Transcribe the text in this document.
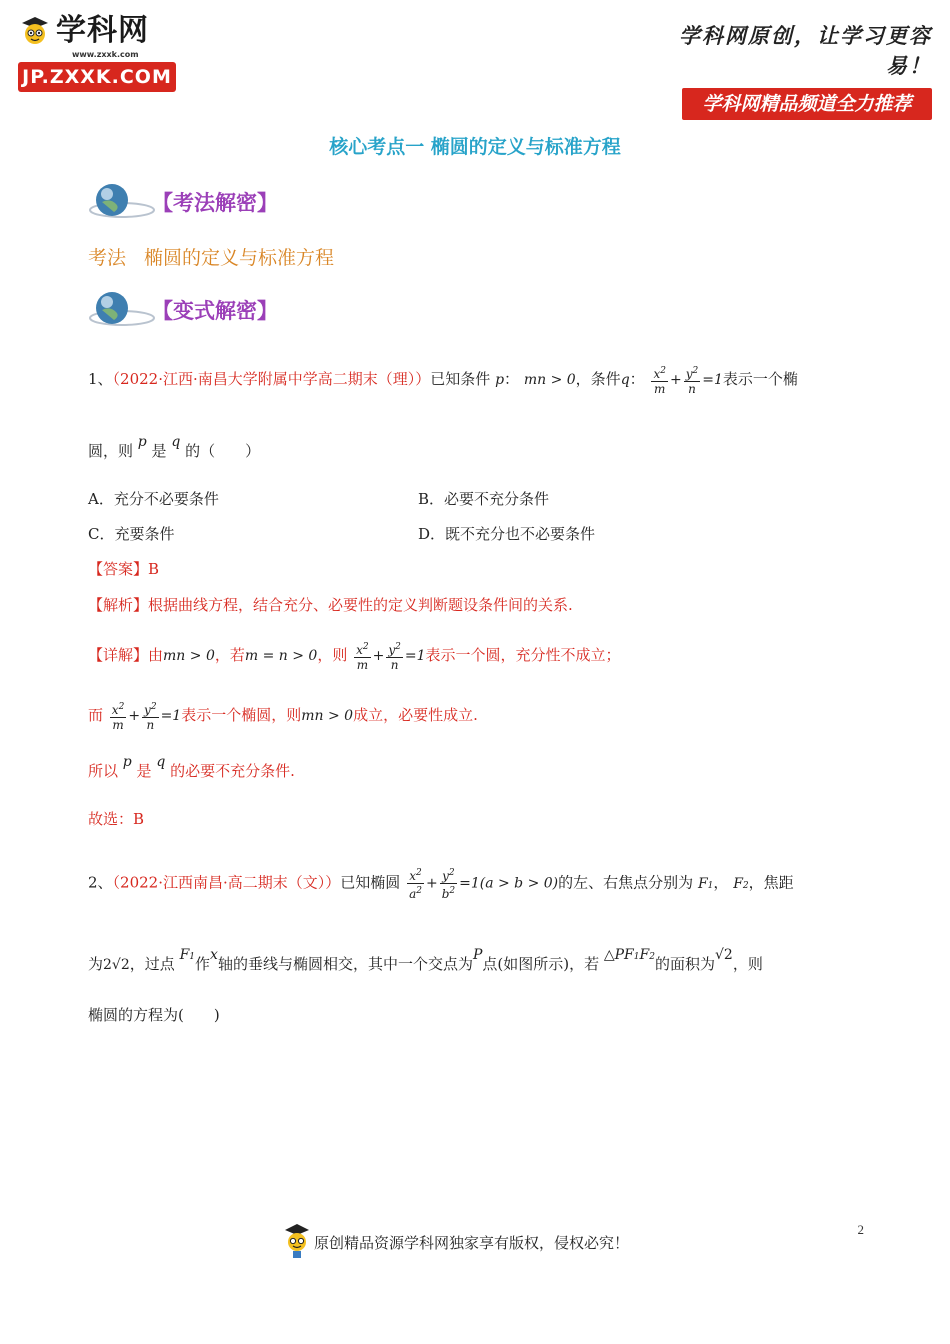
学科网
www.zxxk.com
JP.ZXXK.COM
学科网原创，让学习更容易！
学科网精品频道全力推荐
核心考点一 椭圆的定义与标准方程
【考法解密】
考法 椭圆的定义与标准方程
【变式解密】
1、（2022·江西·南昌大学附属中学高二期末（理））已知条件 p： mn > 0，条件q： $\frac{x^2}{m} + \frac{y^2}{n} =1$表示一个椭
圆，则 p 是 q 的（　　）
A．充分不必要条件	B．必要不充分条件
C．充要条件	D．既不充分也不必要条件
【答案】B
【解析】根据曲线方程，结合充分、必要性的定义判断题设条件间的关系.
【详解】由mn > 0，若m = n > 0，则 $\frac{x^2}{m} + \frac{y^2}{n} =1$表示一个圆，充分性不成立；
而 $\frac{x^2}{m} + \frac{y^2}{n} =1$表示一个椭圆，则mn > 0成立，必要性成立.
所以 p 是 q 的必要不充分条件.
故选：B
2、（2022·江西南昌·高二期末（文））已知椭圆 $\frac{x^2}{a^2} + \frac{y^2}{b^2} =1(a > b > 0)$的左、右焦点分别为 F1， F2，焦距
为2√2，过点 F1作x轴的垂线与椭圆相交，其中一个交点为P点(如图所示)，若 △PF1F2的面积为√2，则
椭圆的方程为(　　)
原创精品资源学科网独家享有版权，侵权必究！
2
